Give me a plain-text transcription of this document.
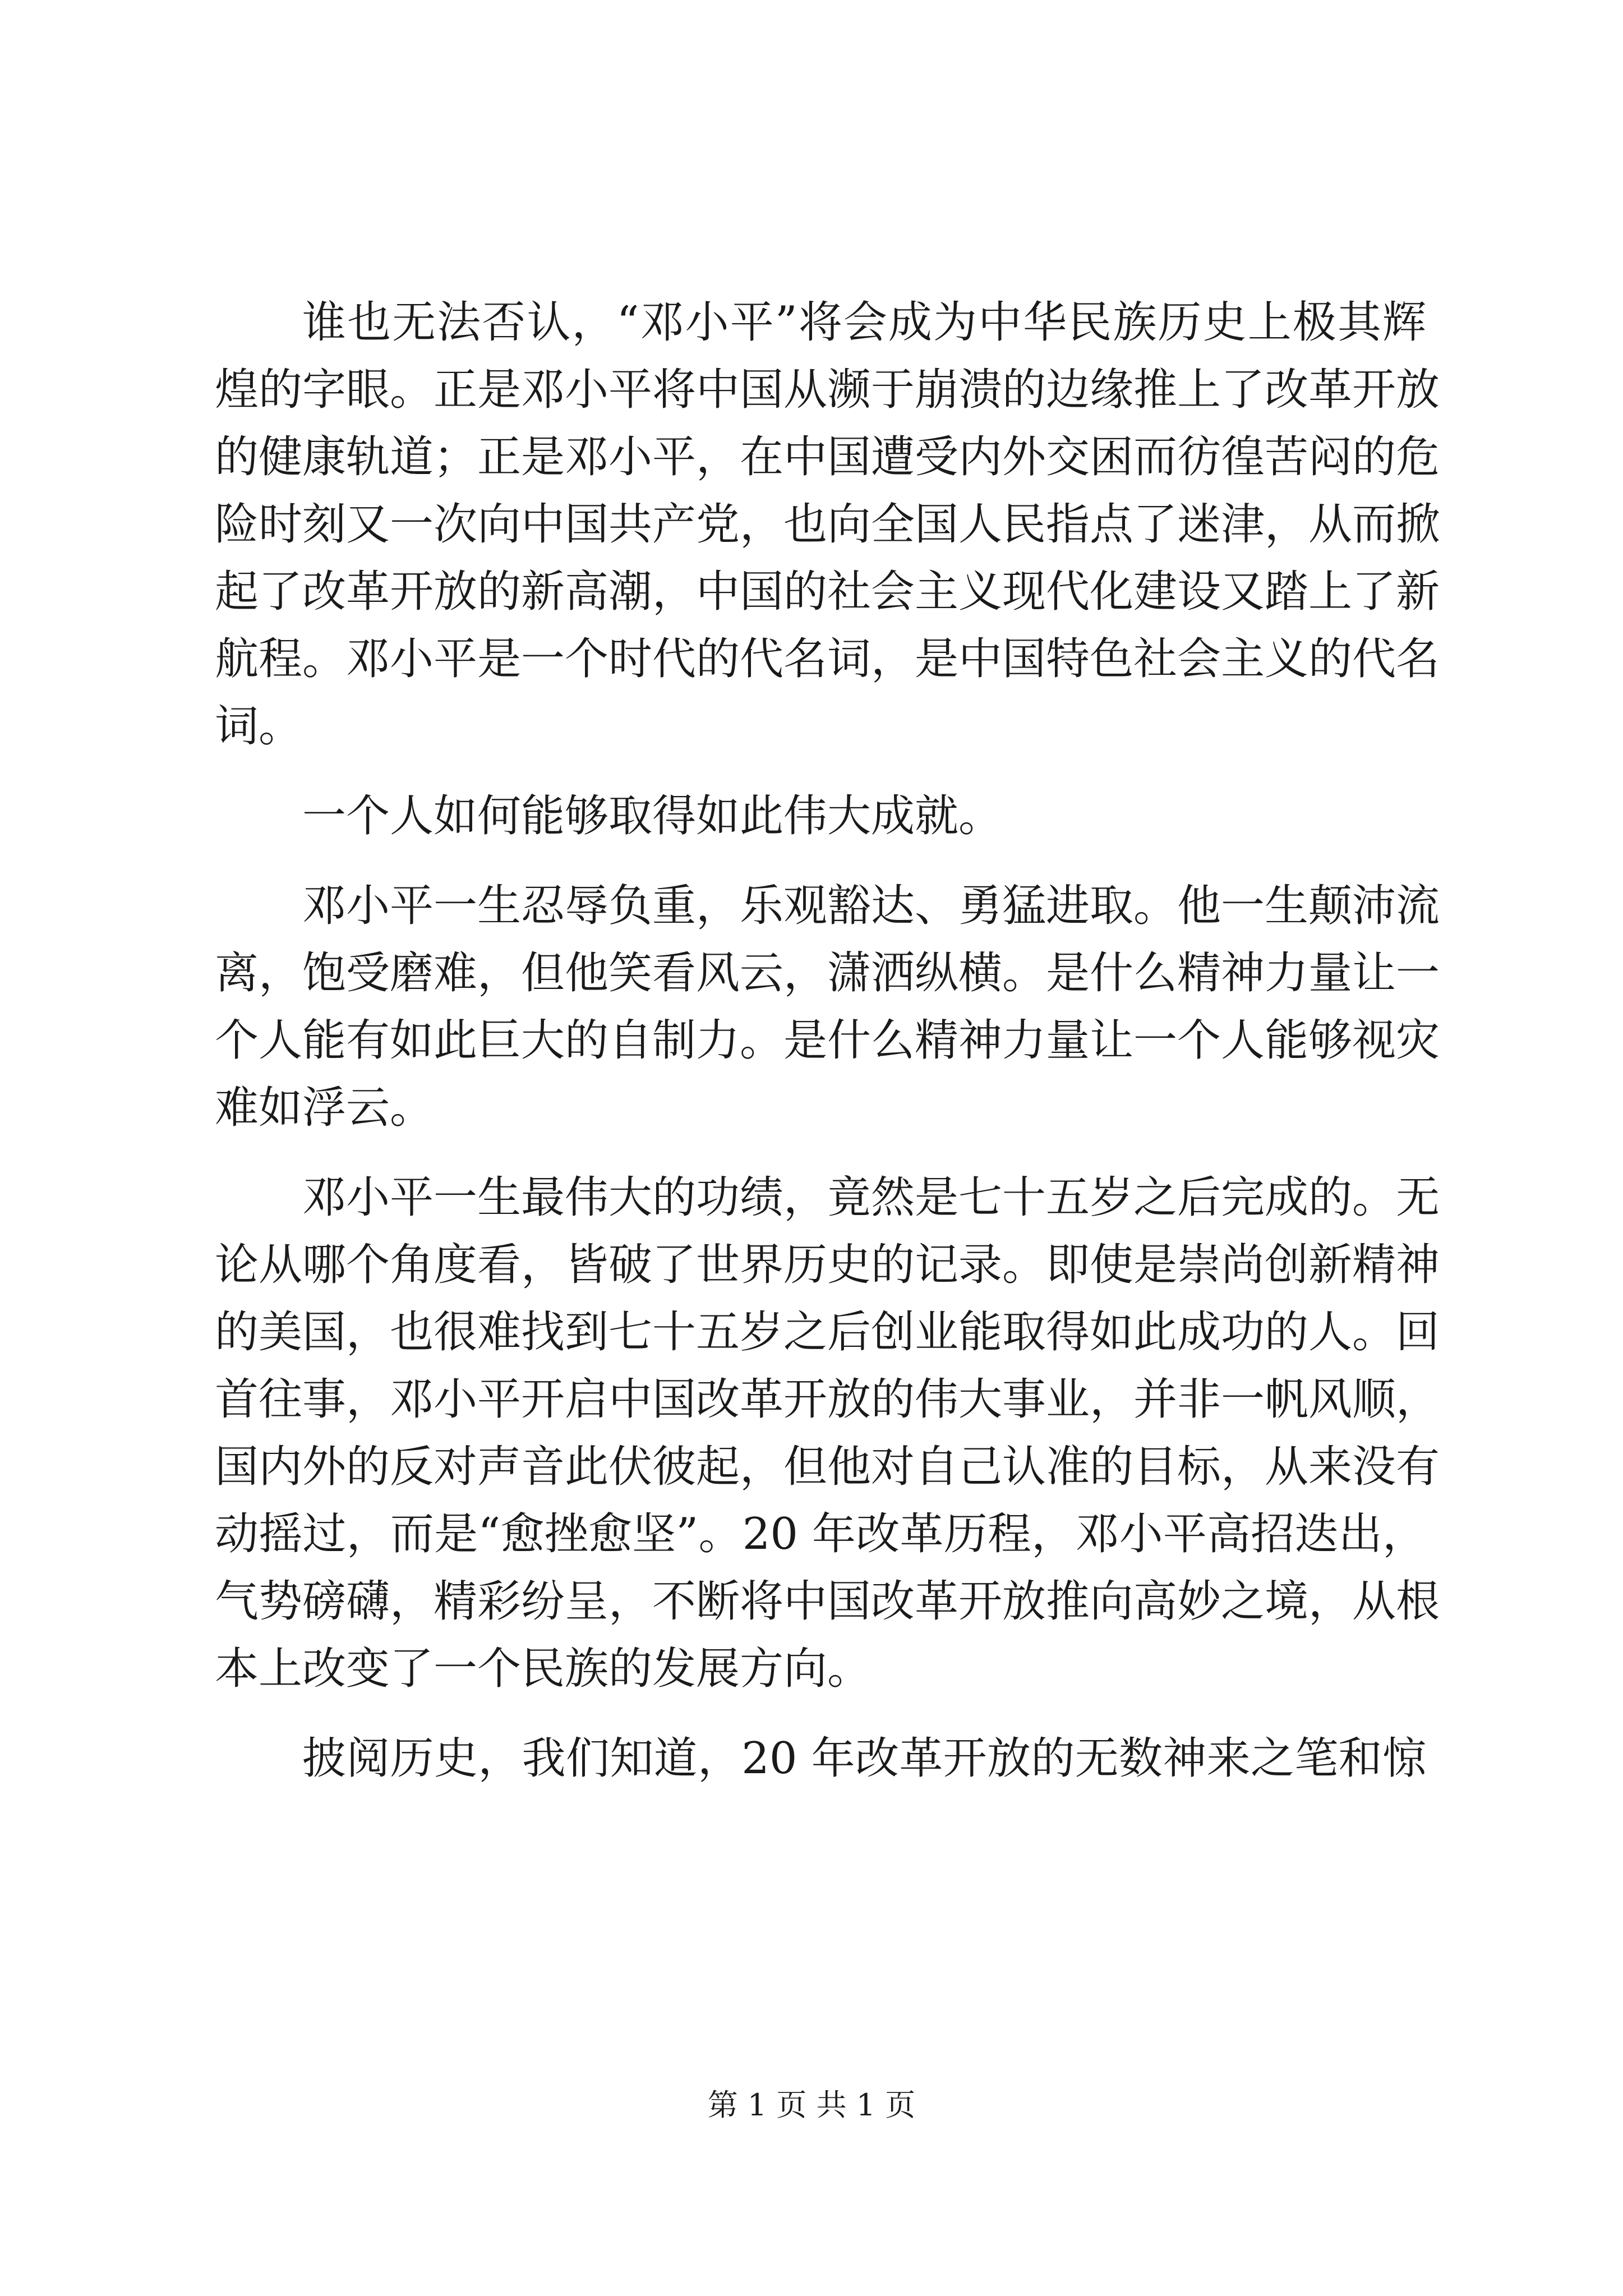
谁也无法否认，“邓小平”将会成为中华民族历史上极其辉
煌的字眼。正是邓小平将中国从濒于崩溃的边缘推上了改革开放
的健康轨道；正是邓小平，在中国遭受内外交困而彷徨苦闷的危
险时刻又一次向中国共产党，也向全国人民指点了迷津，从而掀
起了改革开放的新高潮，中国的社会主义现代化建设又踏上了新
航程。邓小平是一个时代的代名词，是中国特色社会主义的代名
词。
一个人如何能够取得如此伟大成就。
邓小平一生忍辱负重，乐观豁达、勇猛进取。他一生颠沛流
离，饱受磨难，但他笑看风云，潇洒纵横。是什么精神力量让一
个人能有如此巨大的自制力。是什么精神力量让一个人能够视灾
难如浮云。
邓小平一生最伟大的功绩，竟然是七十五岁之后完成的。无
论从哪个角度看，皆破了世界历史的记录。即使是崇尚创新精神
的美国，也很难找到七十五岁之后创业能取得如此成功的人。回
首往事，邓小平开启中国改革开放的伟大事业，并非一帆风顺，
国内外的反对声音此伏彼起，但他对自己认准的目标，从来没有
动摇过，而是“愈挫愈坚”。20 年改革历程，邓小平高招迭出，
气势磅礴，精彩纷呈，不断将中国改革开放推向高妙之境，从根
本上改变了一个民族的发展方向。
披阅历史，我们知道，20 年改革开放的无数神来之笔和惊
第 1 页 共 1 页
